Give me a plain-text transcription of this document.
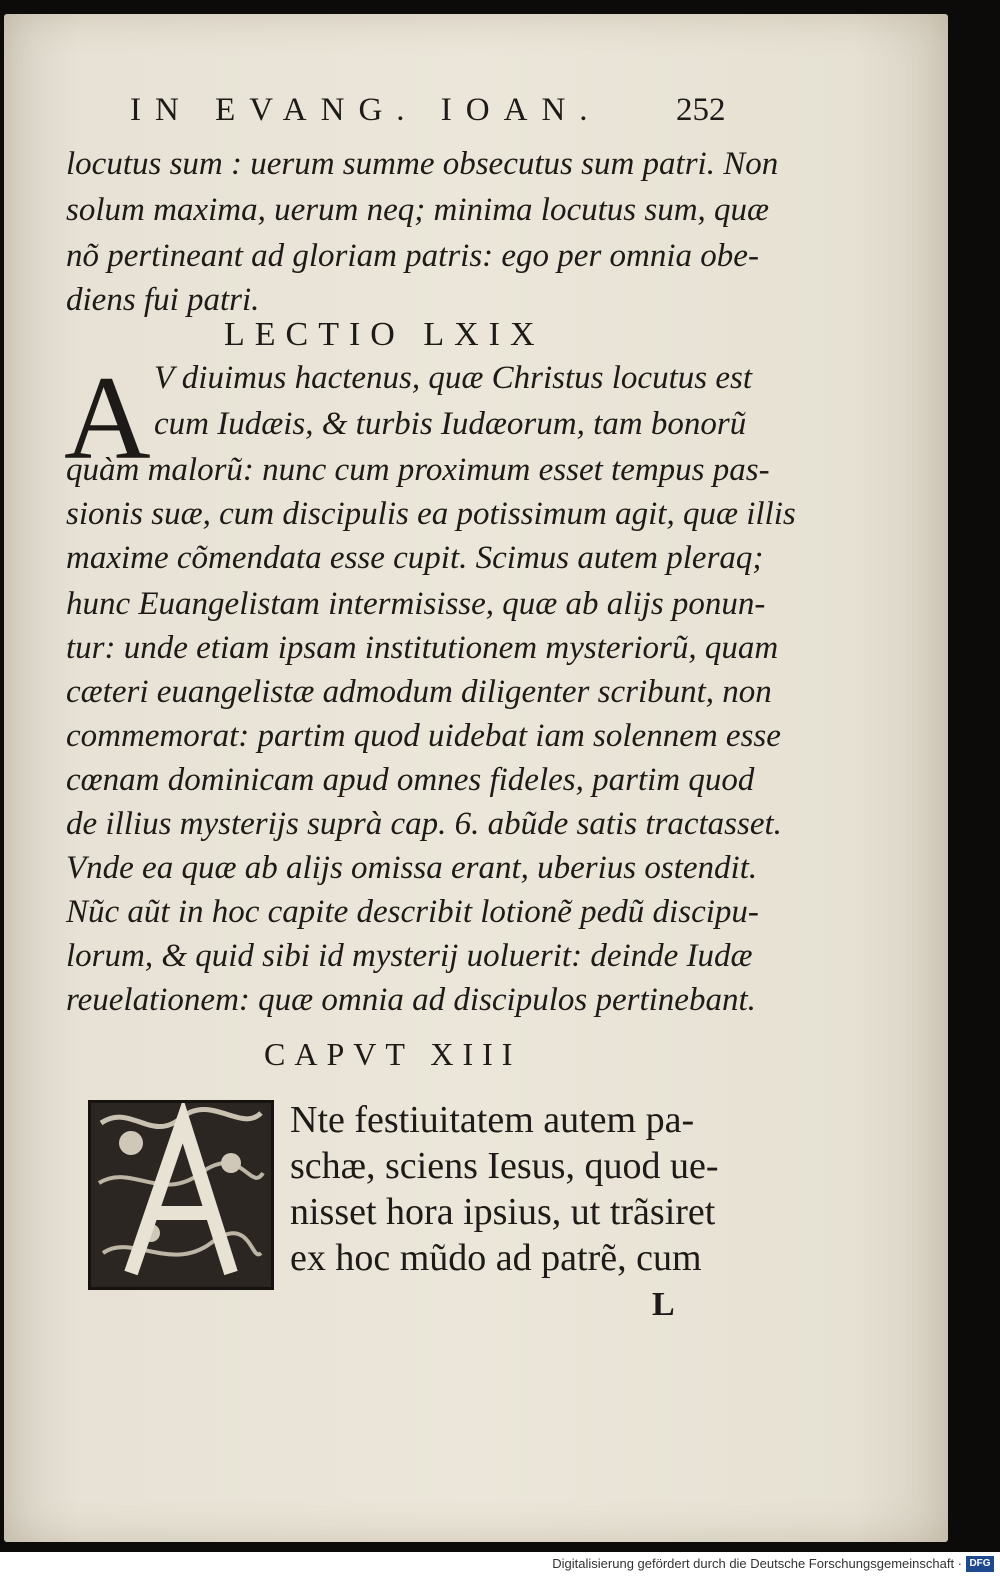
IN EVANG. IOAN. 252
locutus sum : uerum summe obsecutus sum patri. Non
solum maxima, uerum neq; minima locutus sum, quæ
nõ pertineant ad gloriam patris: ego per omnia obe-
diens fui patri.
LECTIO LXIX
A V diuimus hactenus, quæ Christus locutus est
cum Iudæis, & turbis Iudæorum, tam bonorũ
quàm malorũ: nunc cum proximum esset tempus pas-
sionis suæ, cum discipulis ea potissimum agit, quæ illis
maxime cõmendata esse cupit. Scimus autem pleraq;
hunc Euangelistam intermisisse, quæ ab alijs ponun-
tur: unde etiam ipsam institutionem mysteriorũ, quam
cæteri euangelistæ admodum diligenter scribunt, non
commemorat: partim quod uidebat iam solennem esse
cœnam dominicam apud omnes fideles, partim quod
de illius mysterijs suprà cap. 6. abũde satis tractasset.
Vnde ea quæ ab alijs omissa erant, uberius ostendit.
Nũc aũt in hoc capite describit lotionẽ pedũ discipu-
lorum, & quid sibi id mysterij uoluerit: deinde Iudæ
reuelationem: quæ omnia ad discipulos pertinebant.
CAPVT XIII
Nte festiuitatem autem pa-
schæ, sciens Iesus, quod ue-
nisset hora ipsius, ut trãsiret
ex hoc mũdo ad patrẽ, cum
L
Digitalisierung gefördert durch die Deutsche Forschungsgemeinschaft · DFG
